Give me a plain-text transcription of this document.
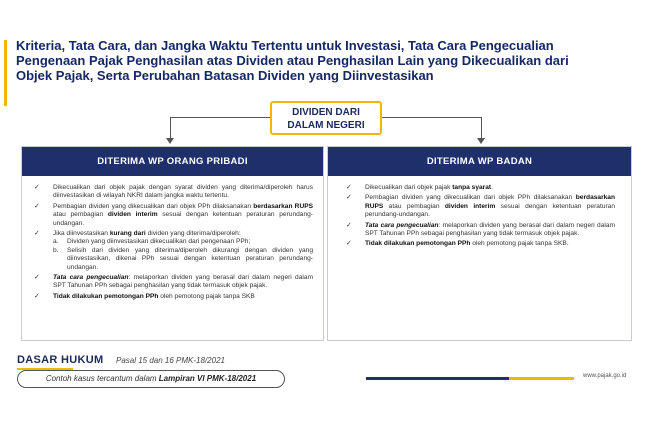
Kriteria, Tata Cara, dan Jangka Waktu Tertentu untuk Investasi, Tata Cara Pengecualian
Pengenaan Pajak Penghasilan atas Dividen atau Penghasilan Lain yang Dikecualikan dari
Objek Pajak, Serta Perubahan Batasan Dividen yang Diinvestasikan
DIVIDEN DARI
DALAM NEGERI
DITERIMA WP ORANG PRIBADI
✓ Dikecualikan dari objek pajak dengan syarat dividen yang diterima/diperoleh harus diinvestasikan di wilayah NKRI dalam jangka waktu tertentu.
✓ Pembagian dividen yang dikecualikan dari objek PPh dilaksanakan berdasarkan RUPS atau pembagian dividen interim sesuai dengan ketentuan peraturan perundang-undangan.
✓ Jika diinvestasikan kurang dari dividen yang diterima/diperoleh:
a. Dividen yang diinvestasikan dikecualikan dari pengenaan PPh;
b. Selisih dari dividen yang diterima/diperoleh dikurangi dengan dividen yang diinvestasikan, dikenai PPh sesuai dengan ketentuan peraturan perundang-undangan.
✓ Tata cara pengecualian: melaporkan dividen yang berasal dari dalam negeri dalam SPT Tahunan PPh sebagai penghasilan yang tidak termasuk objek pajak.
✓ Tidak dilakukan pemotongan PPh oleh pemotong pajak tanpa SKB
DITERIMA WP BADAN
✓ Dikecualikan dari objek pajak tanpa syarat.
✓ Pembagian dividen yang dikecualikan dari objek PPh dilaksanakan berdasarkan RUPS atau pembagian dividen interim sesuai dengan ketentuan peraturan perundang-undangan.
✓ Tata cara pengecualian: melaporkan dividen yang berasal dari dalam negeri dalam SPT Tahunan PPh sebagai penghasilan yang tidak termasuk objek pajak.
✓ Tidak dilakukan pemotongan PPh oleh pemotong pajak tanpa SKB.
DASAR HUKUM Pasal 15 dan 16 PMK-18/2021
Contoh kasus tercantum dalam Lampiran VI PMK-18/2021	www.pajak.go.id
